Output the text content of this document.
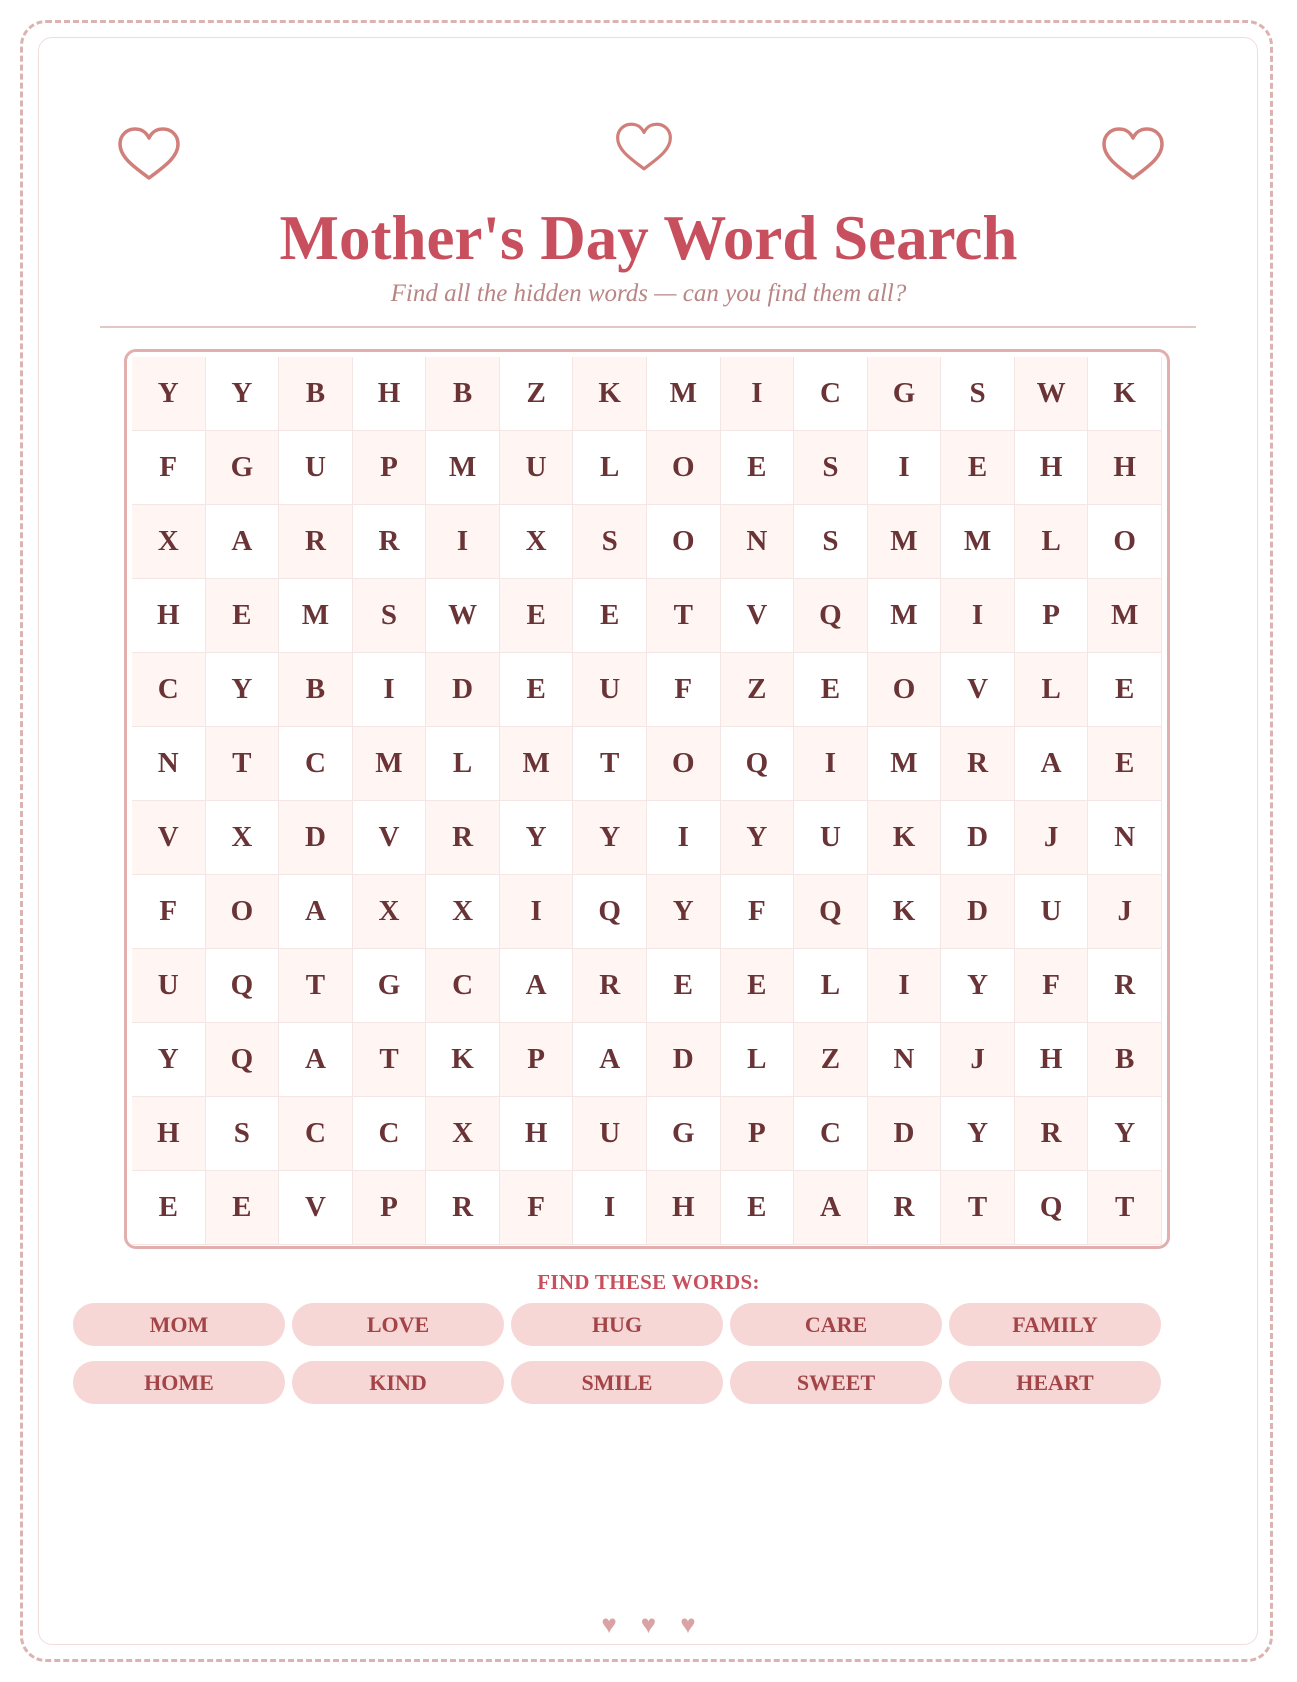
Mother's Day Word Search
Find all the hidden words — can you find them all?
Y	Y	B	H	B	Z	K	M	I	C	G	S	W	K
F	G	U	P	M	U	L	O	E	S	I	E	H	H
X	A	R	R	I	X	S	O	N	S	M	M	L	O
H	E	M	S	W	E	E	T	V	Q	M	I	P	M
C	Y	B	I	D	E	U	F	Z	E	O	V	L	E
N	T	C	M	L	M	T	O	Q	I	M	R	A	E
V	X	D	V	R	Y	Y	I	Y	U	K	D	J	N
F	O	A	X	X	I	Q	Y	F	Q	K	D	U	J
U	Q	T	G	C	A	R	E	E	L	I	Y	F	R
Y	Q	A	T	K	P	A	D	L	Z	N	J	H	B
H	S	C	C	X	H	U	G	P	C	D	Y	R	Y
E	E	V	P	R	F	I	H	E	A	R	T	Q	T
FIND THESE WORDS:
MOM	LOVE	HUG	CARE	FAMILY
HOME	KIND	SMILE	SWEET	HEART
♥ ♥ ♥
